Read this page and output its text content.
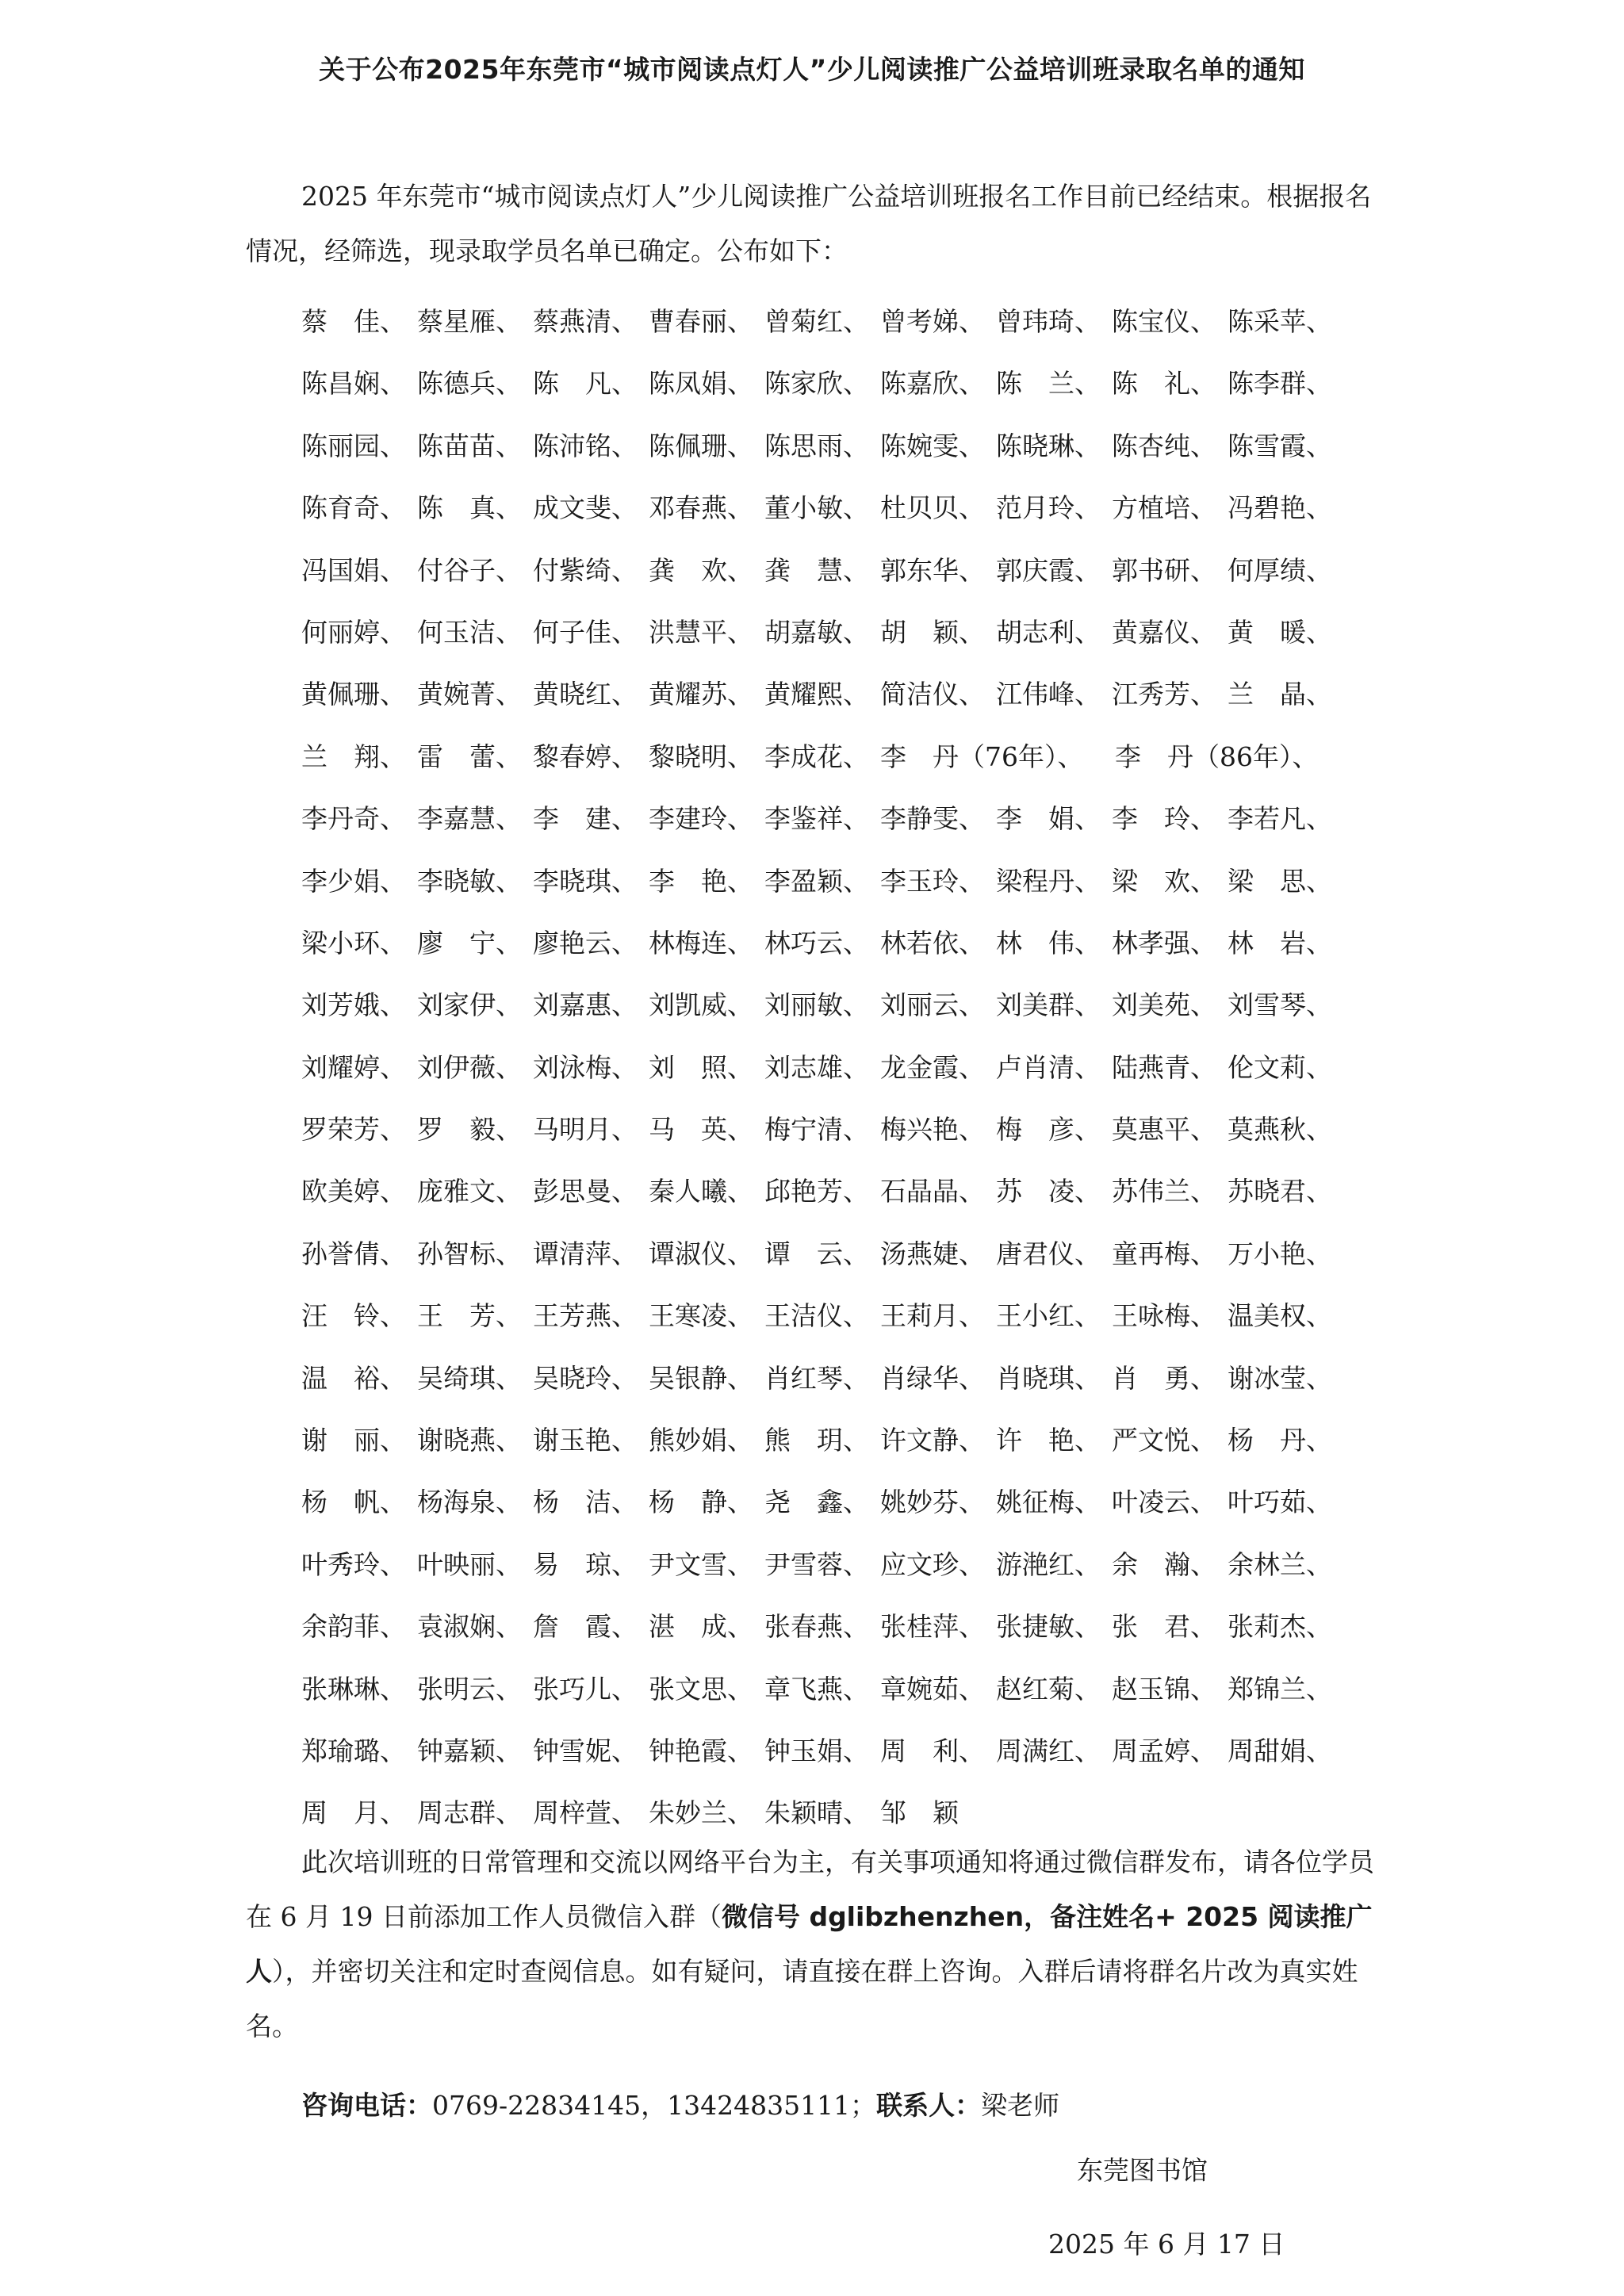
关于公布2025年东莞市“城市阅读点灯人”少儿阅读推广公益培训班录取名单的通知

2025 年东莞市“城市阅读点灯人”少儿阅读推广公益培训班报名工作目前已经结束。根据报名情况，经筛选，现录取学员名单已确定。公布如下：

蔡　佳、 蔡星雁、 蔡燕清、 曹春丽、 曾菊红、 曾考娣、 曾玮琦、 陈宝仪、 陈采苹、
陈昌娴、 陈德兵、 陈　凡、 陈凤娟、 陈家欣、 陈嘉欣、 陈　兰、 陈　礼、 陈李群、
陈丽园、 陈苗苗、 陈沛铭、 陈佩珊、 陈思雨、 陈婉雯、 陈晓琳、 陈杏纯、 陈雪霞、
陈育奇、 陈　真、 成文斐、 邓春燕、 董小敏、 杜贝贝、 范月玲、 方植培、 冯碧艳、
冯国娟、 付谷子、 付紫绮、 龚　欢、 龚　慧、 郭东华、 郭庆霞、 郭书研、 何厚绩、
何丽婷、 何玉洁、 何子佳、 洪慧平、 胡嘉敏、 胡　颖、 胡志利、 黄嘉仪、 黄　暖、
黄佩珊、 黄婉菁、 黄晓红、 黄耀苏、 黄耀熙、 简洁仪、 江伟峰、 江秀芳、 兰　晶、
兰　翔、 雷　蕾、 黎春婷、 黎晓明、 李成花、 李　丹（76年）、 李　丹（86年）、
李丹奇、 李嘉慧、 李　建、 李建玲、 李鉴祥、 李静雯、 李　娟、 李　玲、 李若凡、
李少娟、 李晓敏、 李晓琪、 李　艳、 李盈颖、 李玉玲、 梁程丹、 梁　欢、 梁　思、
梁小环、 廖　宁、 廖艳云、 林梅连、 林巧云、 林若依、 林　伟、 林孝强、 林　岩、
刘芳娥、 刘家伊、 刘嘉惠、 刘凯威、 刘丽敏、 刘丽云、 刘美群、 刘美苑、 刘雪琴、
刘耀婷、 刘伊薇、 刘泳梅、 刘　照、 刘志雄、 龙金霞、 卢肖清、 陆燕青、 伦文莉、
罗荣芳、 罗　毅、 马明月、 马　英、 梅宁清、 梅兴艳、 梅　彦、 莫惠平、 莫燕秋、
欧美婷、 庞雅文、 彭思曼、 秦人曦、 邱艳芳、 石晶晶、 苏　凌、 苏伟兰、 苏晓君、
孙誉倩、 孙智标、 谭清萍、 谭淑仪、 谭　云、 汤燕婕、 唐君仪、 童再梅、 万小艳、
汪　铃、 王　芳、 王芳燕、 王寒凌、 王洁仪、 王莉月、 王小红、 王咏梅、 温美权、
温　裕、 吴绮琪、 吴晓玲、 吴银静、 肖红琴、 肖绿华、 肖晓琪、 肖　勇、 谢冰莹、
谢　丽、 谢晓燕、 谢玉艳、 熊妙娟、 熊　玥、 许文静、 许　艳、 严文悦、 杨　丹、
杨　帆、 杨海泉、 杨　洁、 杨　静、 尧　鑫、 姚妙芬、 姚征梅、 叶凌云、 叶巧茹、
叶秀玲、 叶映丽、 易　琼、 尹文雪、 尹雪蓉、 应文珍、 游滟红、 余　瀚、 余林兰、
余韵菲、 袁淑娴、 詹　霞、 湛　成、 张春燕、 张桂萍、 张捷敏、 张　君、 张莉杰、
张琳琳、 张明云、 张巧儿、 张文思、 章飞燕、 章婉茹、 赵红菊、 赵玉锦、 郑锦兰、
郑瑜璐、 钟嘉颖、 钟雪妮、 钟艳霞、 钟玉娟、 周　利、 周满红、 周孟婷、 周甜娟、
周　月、 周志群、 周梓萱、 朱妙兰、 朱颖晴、 邹　颖

此次培训班的日常管理和交流以网络平台为主，有关事项通知将通过微信群发布，请各位学员在 6 月 19 日前添加工作人员微信入群（微信号 dglibzhenzhen，备注姓名+ 2025 阅读推广人），并密切关注和定时查阅信息。如有疑问，请直接在群上咨询。入群后请将群名片改为真实姓名。

咨询电话：0769-22834145，13424835111；联系人：梁老师
东莞图书馆
2025 年 6 月 17 日
